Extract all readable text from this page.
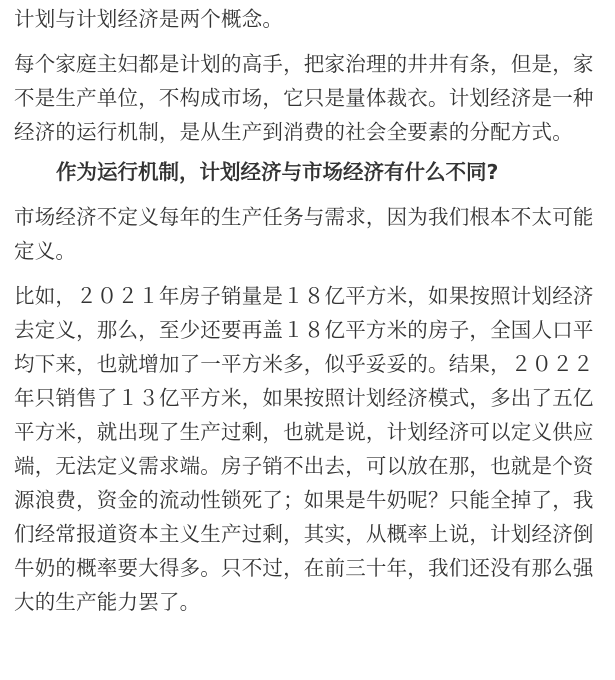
计划与计划经济是两个概念。

每个家庭主妇都是计划的高手，把家治理的井井有条，但是，家不是生产单位，不构成市场，它只是量体裁衣。计划经济是一种经济的运行机制，是从生产到消费的社会全要素的分配方式。

作为运行机制，计划经济与市场经济有什么不同?

市场经济不定义每年的生产任务与需求，因为我们根本不太可能定义。

比如，２０２１年房子销量是１８亿平方米，如果按照计划经济去定义，那么，至少还要再盖１８亿平方米的房子，全国人口平均下来，也就增加了一平方米多，似乎妥妥的。结果，２０２２年只销售了１３亿平方米，如果按照计划经济模式，多出了五亿平方米，就出现了生产过剩，也就是说，计划经济可以定义供应端，无法定义需求端。房子销不出去，可以放在那，也就是个资源浪费，资金的流动性锁死了；如果是牛奶呢？只能全掉了，我们经常报道资本主义生产过剩，其实，从概率上说，计划经济倒牛奶的概率要大得多。只不过，在前三十年，我们还没有那么强大的生产能力罢了。
